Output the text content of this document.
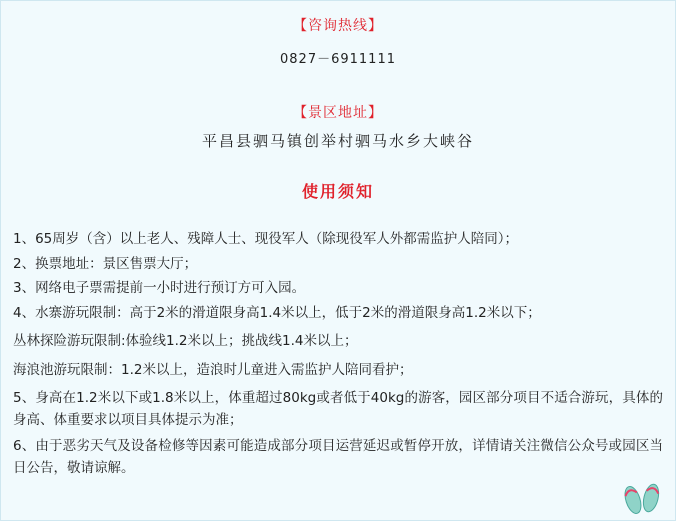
【咨询热线】
0827－6911111
【景区地址】
平昌县驷马镇创举村驷马水乡大峡谷
使用须知
1、65周岁（含）以上老人、残障人士、现役军人（除现役军人外都需监护人陪同）；
2、换票地址：景区售票大厅；
3、网络电子票需提前一小时进行预订方可入园。
4、水寨游玩限制：高于2米的滑道限身高1.4米以上，低于2米的滑道限身高1.2米以下；
丛林探险游玩限制:体验线1.2米以上；挑战线1.4米以上；
海浪池游玩限制：1.2米以上，造浪时儿童进入需监护人陪同看护；
5、身高在1.2米以下或1.8米以上，体重超过80kg或者低于40kg的游客，园区部分项目不适合游玩，具体的身高、体重要求以项目具体提示为准；
6、由于恶劣天气及设备检修等因素可能造成部分项目运营延迟或暂停开放，详情请关注微信公众号或园区当日公告，敬请谅解。
